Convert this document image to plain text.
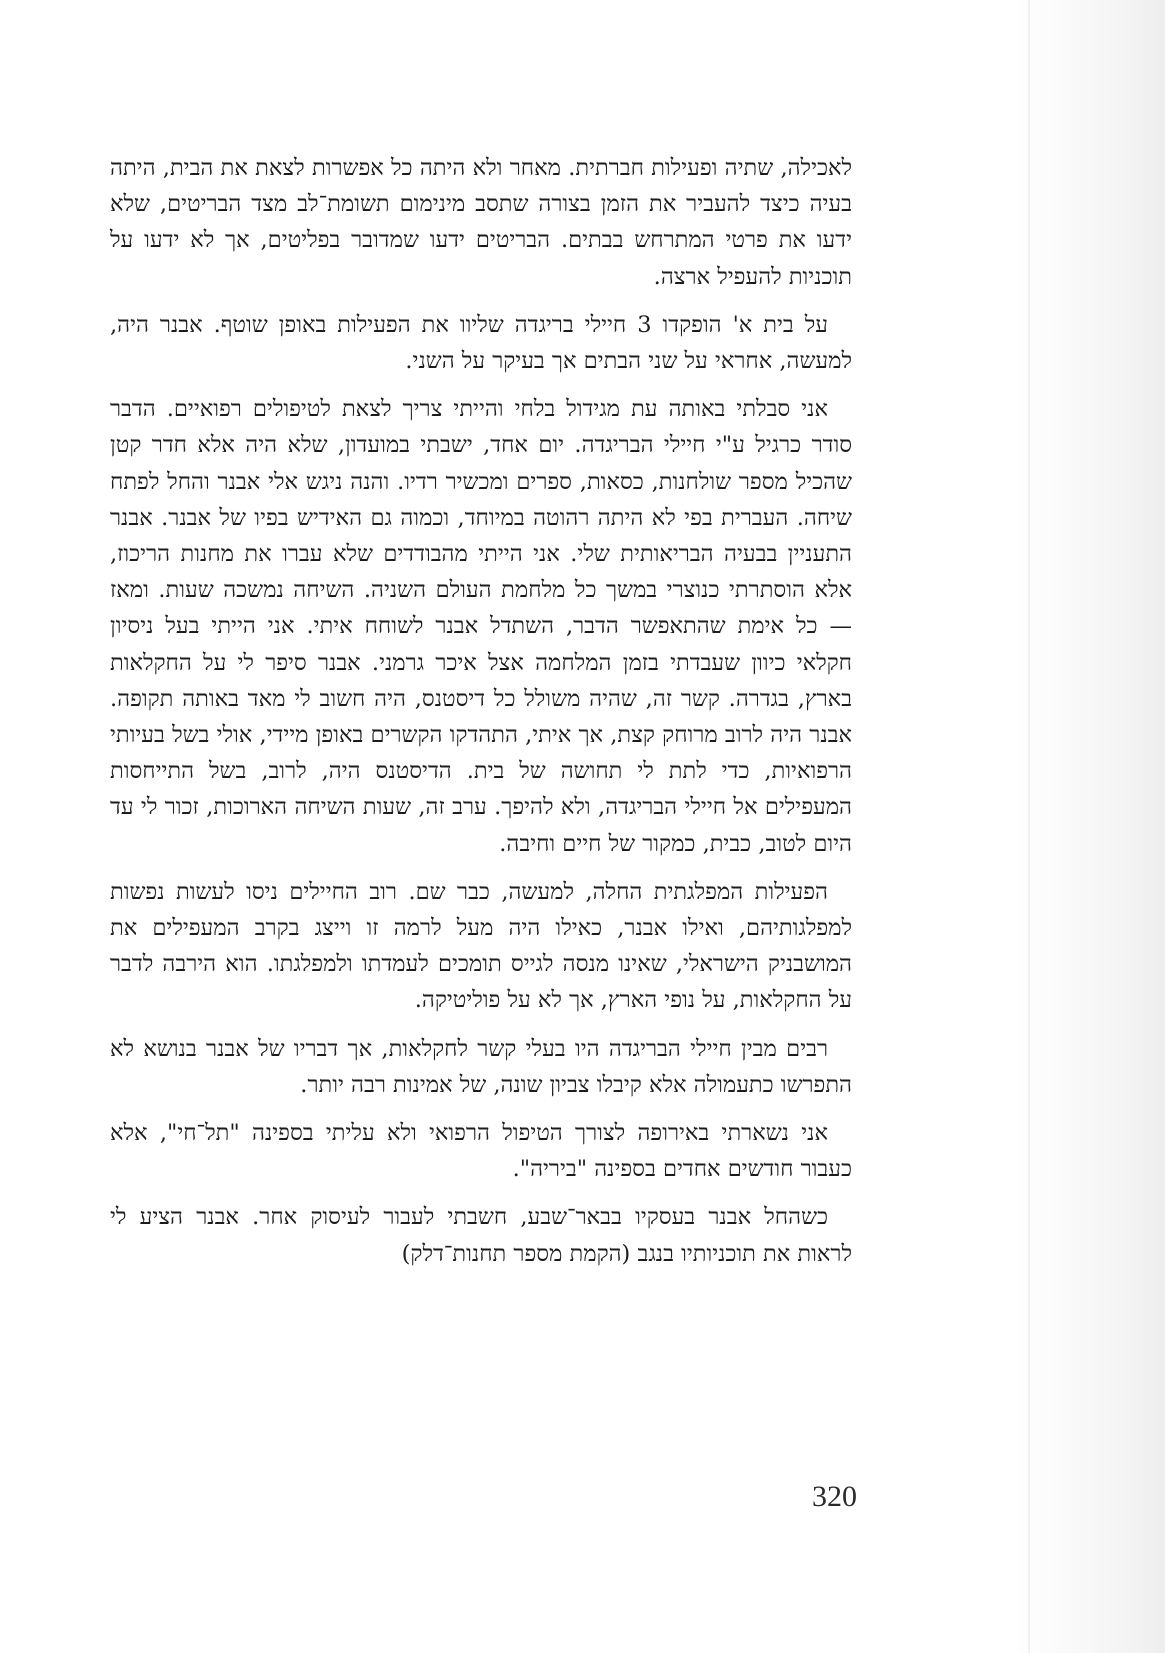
לאכילה, שתיה ופעילות חברתית. מאחר ולא היתה כל אפשרות לצאת את הבית, היתה בעיה כיצד להעביר את הזמן בצורה שתסב מינימום תשומת־לב מצד הבריטים, שלא ידעו את פרטי המתרחש בבתים. הבריטים ידעו שמדובר בפליטים, אך לא ידעו על תוכניות להעפיל ארצה.

על בית א' הופקדו 3 חיילי בריגדה שליוו את הפעילות באופן שוטף. אבנר היה, למעשה, אחראי על שני הבתים אך בעיקר על השני.

אני סבלתי באותה עת מגידול בלחי והייתי צריך לצאת לטיפולים רפואיים. הדבר סודר כרגיל ע"י חיילי הבריגדה. יום אחד, ישבתי במועדון, שלא היה אלא חדר קטן שהכיל מספר שולחנות, כסאות, ספרים ומכשיר רדיו. והנה ניגש אלי אבנר והחל לפתח שיחה. העברית בפי לא היתה רהוטה במיוחד, וכמוה גם האידיש בפיו של אבנר. אבנר התעניין בבעיה הבריאותית שלי. אני הייתי מהבודדים שלא עברו את מחנות הריכוז, אלא הוסתרתי כנוצרי במשך כל מלחמת העולם השניה. השיחה נמשכה שעות. ומאז — כל אימת שהתאפשר הדבר, השתדל אבנר לשוחח איתי. אני הייתי בעל ניסיון חקלאי כיוון שעבדתי בזמן המלחמה אצל איכר גרמני. אבנר סיפר לי על החקלאות בארץ, בגדרה. קשר זה, שהיה משולל כל דיסטנס, היה חשוב לי מאד באותה תקופה. אבנר היה לרוב מרוחק קצת, אך איתי, התהדקו הקשרים באופן מיידי, אולי בשל בעיותי הרפואיות, כדי לתת לי תחושה של בית. הדיסטנס היה, לרוב, בשל התייחסות המעפילים אל חיילי הבריגדה, ולא להיפך. ערב זה, שעות השיחה הארוכות, זכור לי עד היום לטוב, כבית, כמקור של חיים וחיבה.

הפעילות המפלגתית החלה, למעשה, כבר שם. רוב החיילים ניסו לעשות נפשות למפלגותיהם, ואילו אבנר, כאילו היה מעל לרמה זו וייצג בקרב המעפילים את המושבניק הישראלי, שאינו מנסה לגייס תומכים לעמדתו ולמפלגתו. הוא הירבה לדבר על החקלאות, על נופי הארץ, אך לא על פוליטיקה.

רבים מבין חיילי הבריגדה היו בעלי קשר לחקלאות, אך דבריו של אבנר בנושא לא התפרשו כתעמולה אלא קיבלו צביון שונה, של אמינות רבה יותר.

אני נשארתי באירופה לצורך הטיפול הרפואי ולא עליתי בספינה "תל־חי", אלא כעבור חודשים אחדים בספינה "ביריה".

כשהחל אבנר בעסקיו בבאר־שבע, חשבתי לעבור לעיסוק אחר. אבנר הציע לי לראות את תוכניותיו בנגב (הקמת מספר תחנות־דלק)

320
